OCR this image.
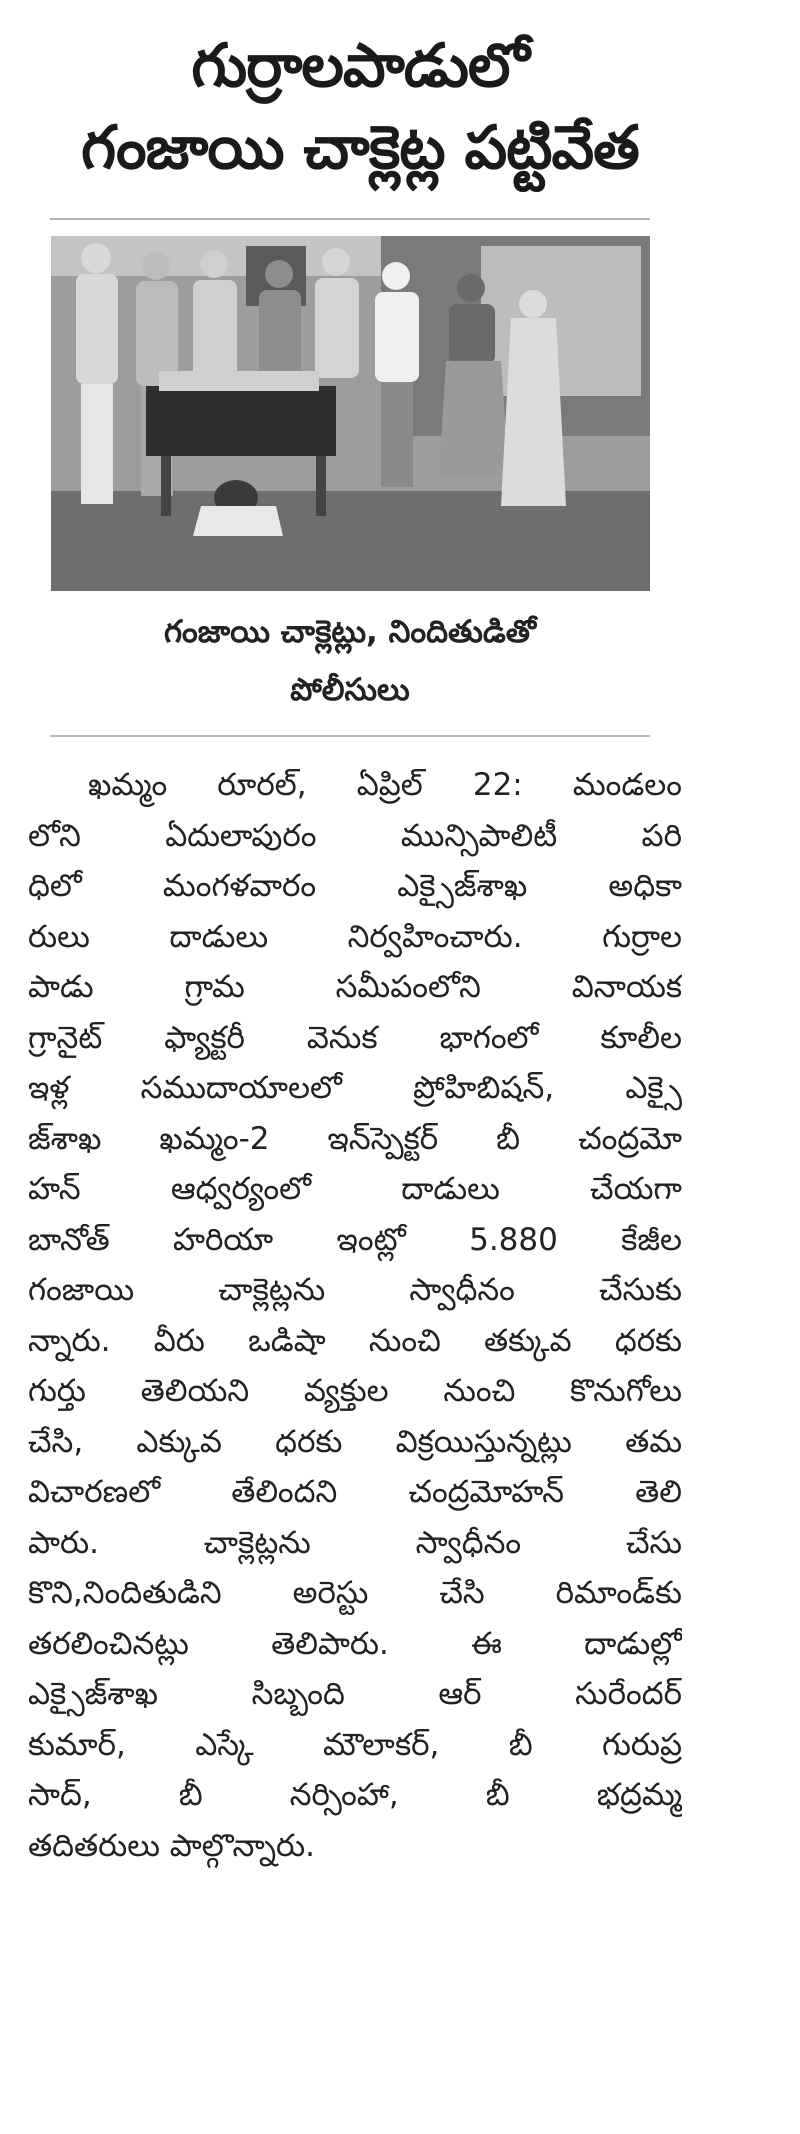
గుర్రాలపాడులో
గంజాయి చాక్లెట్ల పట్టివేత
గంజాయి చాక్లెట్లు, నిందితుడితో
పోలీసులు
ఖమ్మం రూరల్, ఏప్రిల్ 22: మండలం
లోని ఏదులాపురం మున్సిపాలిటీ పరి
ధిలో మంగళవారం ఎక్సైజ్‌శాఖ అధికా
రులు దాడులు నిర్వహించారు. గుర్రాల
పాడు గ్రామ సమీపంలోని వినాయక
గ్రానైట్ ఫ్యాక్టరీ వెనుక భాగంలో కూలీల
ఇళ్ల సముదాయాలలో ప్రోహిబిషన్, ఎక్సై
జ్‌శాఖ ఖమ్మం-2 ఇన్‌స్పెక్టర్ బీ చంద్రమో
హన్ ఆధ్వర్యంలో దాడులు చేయగా
బానోత్ హరియా ఇంట్లో 5.880 కేజీల
గంజాయి చాక్లెట్లను స్వాధీనం చేసుకు
న్నారు. వీరు ఒడిషా నుంచి తక్కువ ధరకు
గుర్తు తెలియని వ్యక్తుల నుంచి కొనుగోలు
చేసి, ఎక్కువ ధరకు విక్రయిస్తున్నట్లు తమ
విచారణలో తేలిందని చంద్రమోహన్ తెలి
పారు. చాక్లెట్లను స్వాధీనం చేసు
కొని,నిందితుడిని అరెస్టు చేసి రిమాండ్‌కు
తరలించినట్లు తెలిపారు. ఈ దాడుల్లో
ఎక్సైజ్‌శాఖ సిబ్బంది ఆర్ సురేందర్
కుమార్, ఎస్కే మౌలాకర్, బీ గురుప్ర
సాద్, బీ నర్సింహా, బీ భద్రమ్మ
తదితరులు పాల్గొన్నారు.
